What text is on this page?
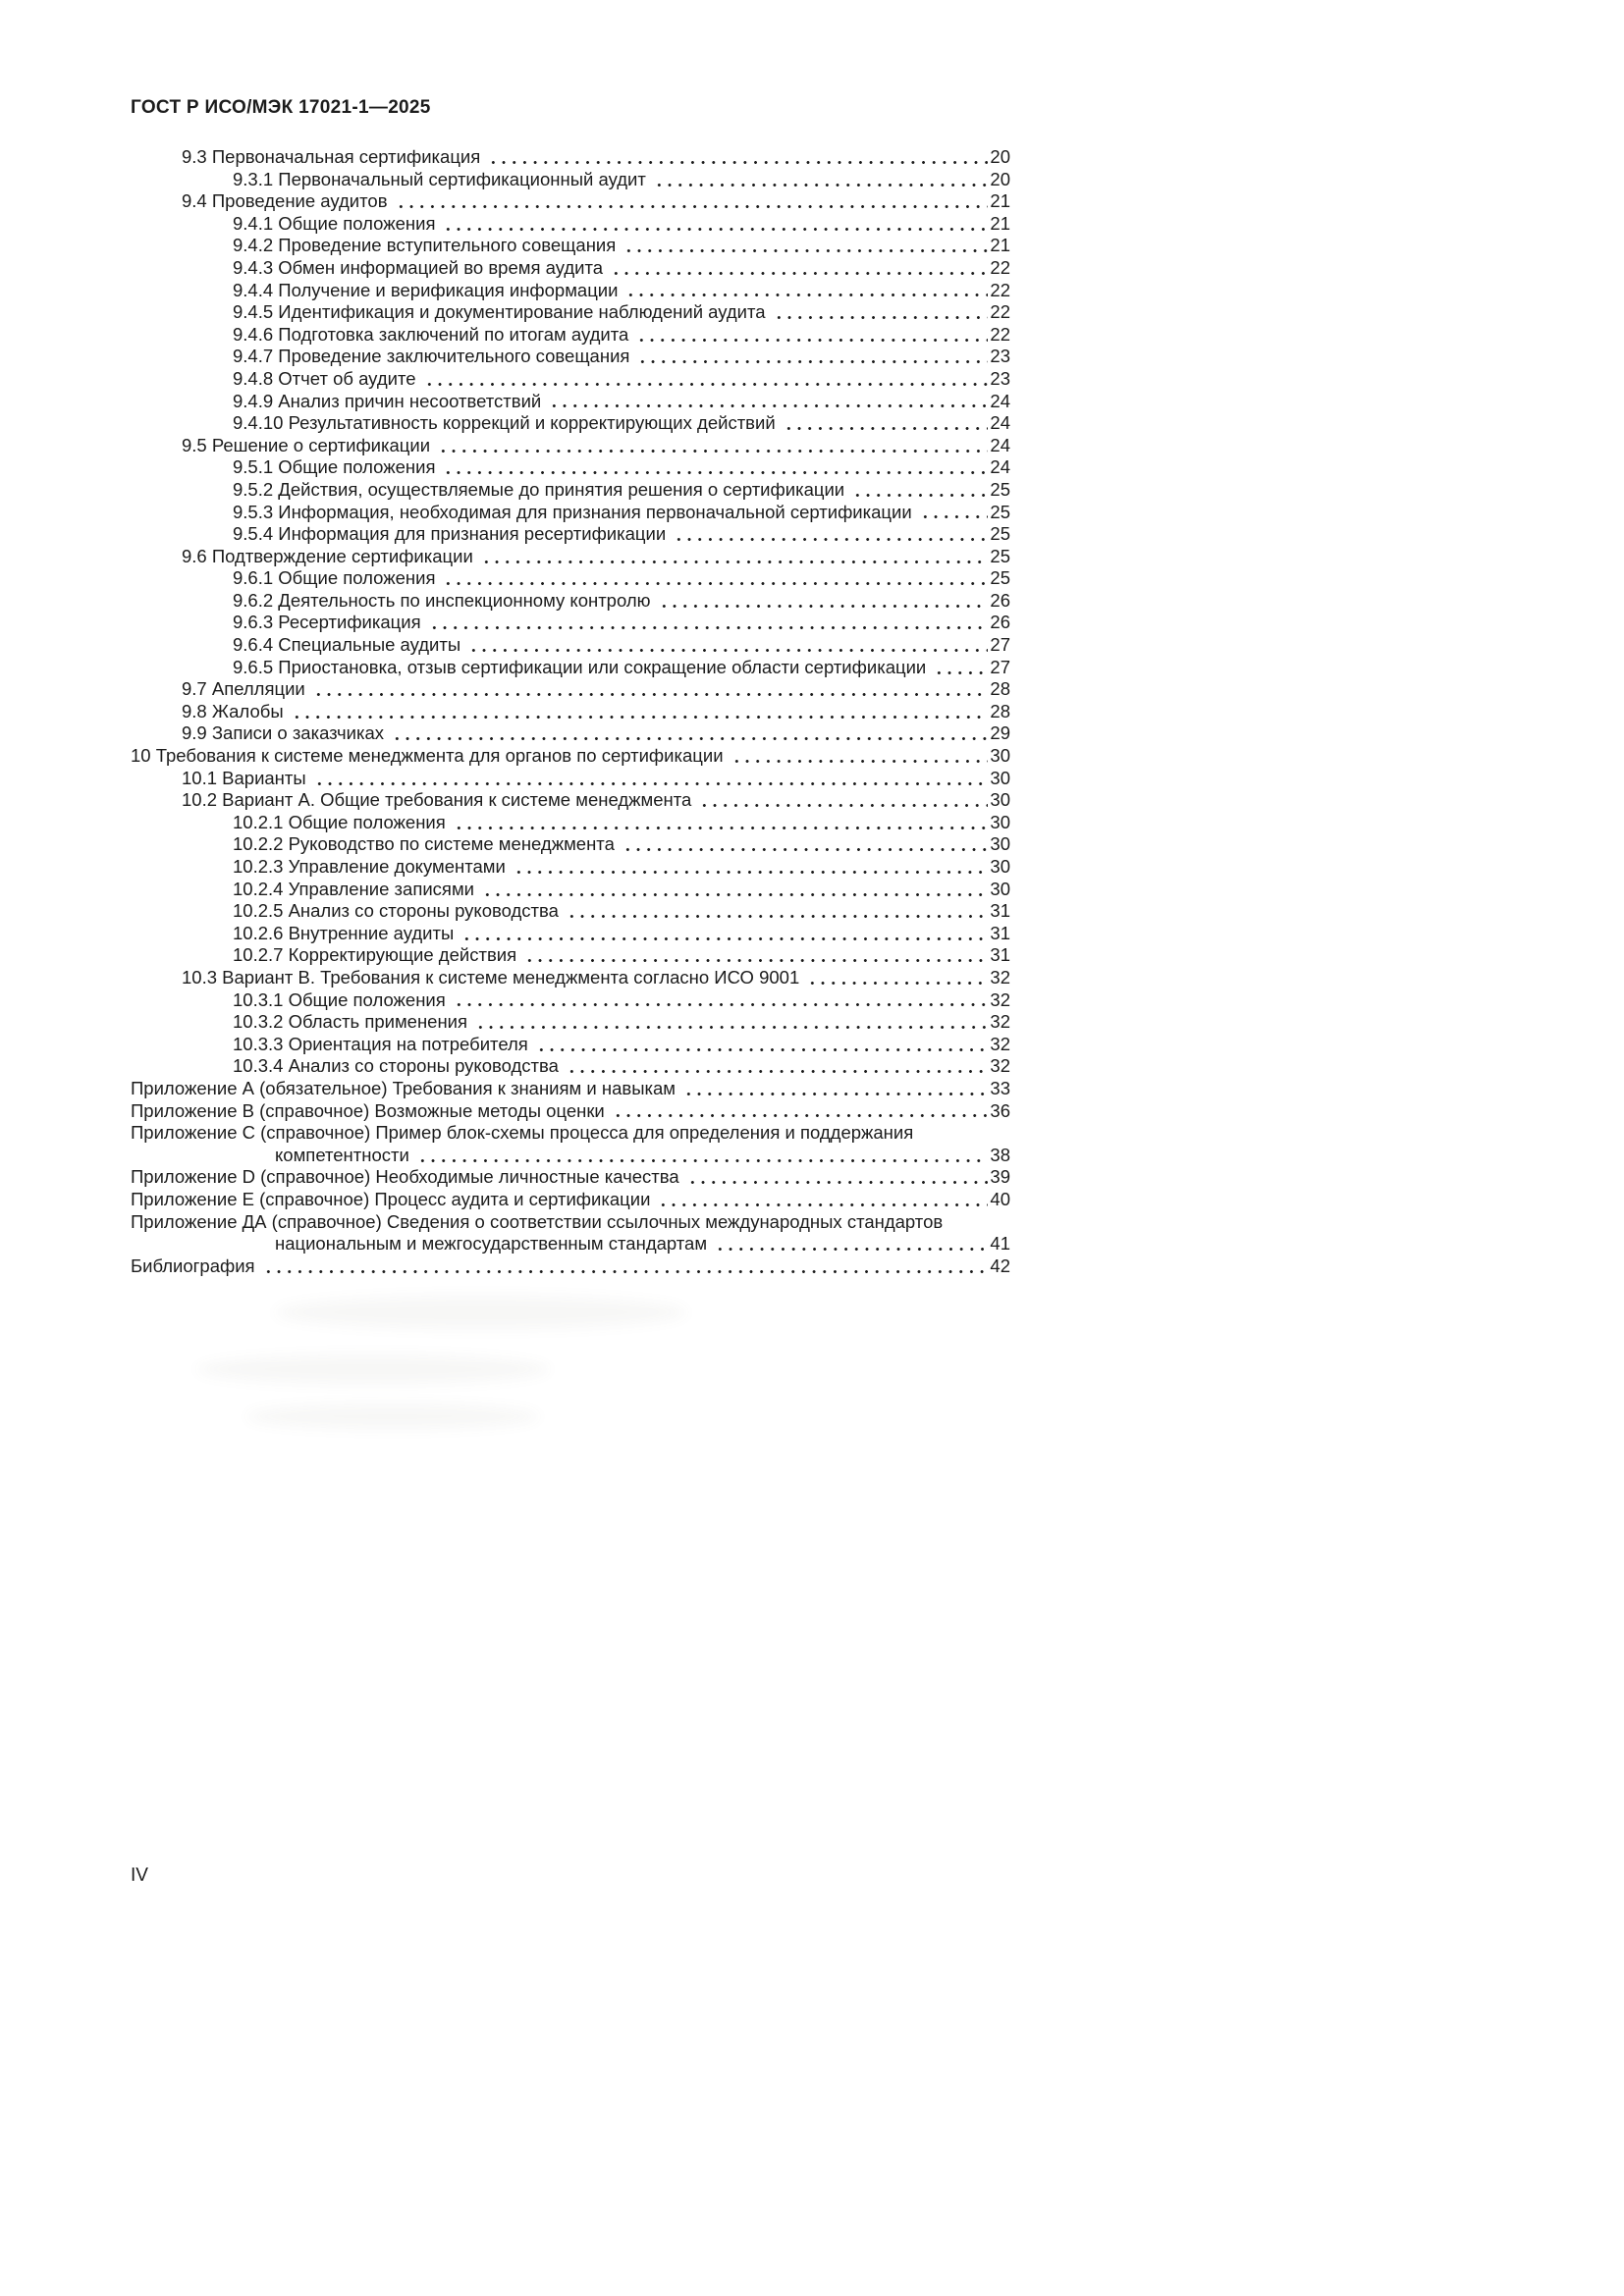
ГОСТ Р ИСО/МЭК 17021-1—2025
9.3 Первоначальная сертификация	20
9.3.1 Первоначальный сертификационный аудит	20
9.4 Проведение аудитов	21
9.4.1 Общие положения	21
9.4.2 Проведение вступительного совещания	21
9.4.3 Обмен информацией во время аудита	22
9.4.4 Получение и верификация информации	22
9.4.5 Идентификация и документирование наблюдений аудита	22
9.4.6 Подготовка заключений по итогам аудита	22
9.4.7 Проведение заключительного совещания	23
9.4.8 Отчет об аудите	23
9.4.9 Анализ причин несоответствий	24
9.4.10 Результативность коррекций и корректирующих действий	24
9.5 Решение о сертификации	24
9.5.1 Общие положения	24
9.5.2 Действия, осуществляемые до принятия решения о сертификации	25
9.5.3 Информация, необходимая для признания первоначальной сертификации	25
9.5.4 Информация для признания ресертификации	25
9.6 Подтверждение сертификации	25
9.6.1 Общие положения	25
9.6.2 Деятельность по инспекционному контролю	26
9.6.3 Ресертификация	26
9.6.4 Специальные аудиты	27
9.6.5 Приостановка, отзыв сертификации или сокращение области сертификации	27
9.7 Апелляции	28
9.8 Жалобы	28
9.9 Записи о заказчиках	29
10 Требования к системе менеджмента для органов по сертификации	30
10.1 Варианты	30
10.2 Вариант А. Общие требования к системе менеджмента	30
10.2.1 Общие положения	30
10.2.2 Руководство по системе менеджмента	30
10.2.3 Управление документами	30
10.2.4 Управление записями	30
10.2.5 Анализ со стороны руководства	31
10.2.6 Внутренние аудиты	31
10.2.7 Корректирующие действия	31
10.3 Вариант В. Требования к системе менеджмента согласно ИСО 9001	32
10.3.1 Общие положения	32
10.3.2 Область применения	32
10.3.3 Ориентация на потребителя	32
10.3.4 Анализ со стороны руководства	32
Приложение А (обязательное) Требования к знаниям и навыкам	33
Приложение В (справочное) Возможные методы оценки	36
Приложение С (справочное) Пример блок-схемы процесса для определения и поддержания
компетентности	38
Приложение D (справочное) Необходимые личностные качества	39
Приложение Е (справочное) Процесс аудита и сертификации	40
Приложение ДА (справочное) Сведения о соответствии ссылочных международных стандартов
национальным и межгосударственным стандартам	41
Библиография	42
IV
